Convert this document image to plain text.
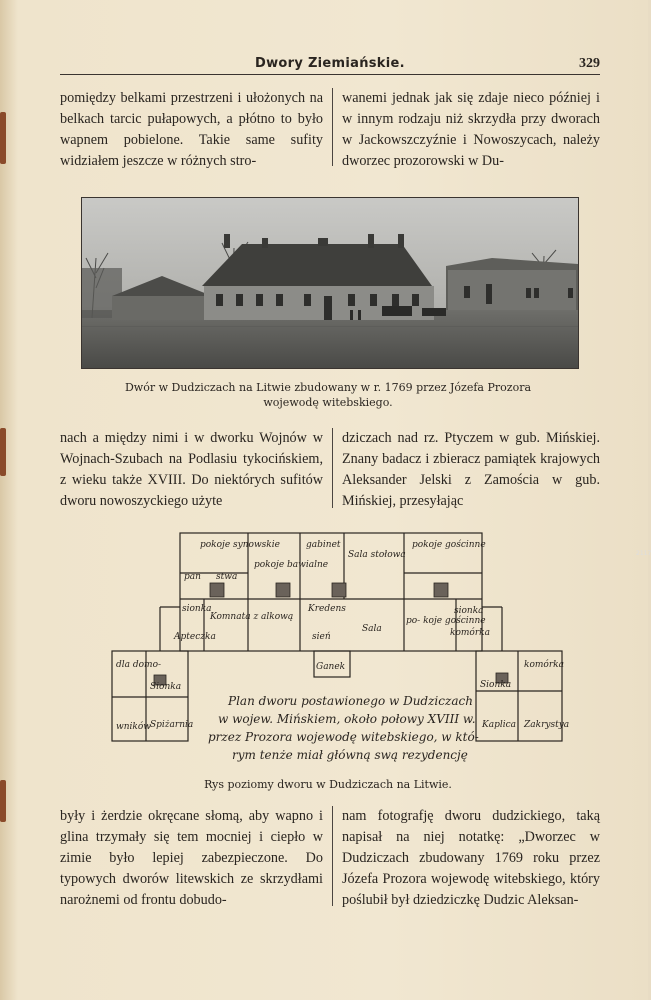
Dwory Ziemiańskie.	329
pomiędzy belkami przestrzeni i ułożonych na belkach tarcic pułapowych, a płótno to było wapnem pobielone. Takie same sufity widziałem jeszcze w różnych stro-
wanemi jednak jak się zdaje nieco później i w innym rodzaju niż skrzydła przy dworach w Jackowszczyźnie i Nowoszycach, należy dworzec prozorowski w Du-
2117
Dwór w Dudziczach na Litwie zbudowany w r. 1769 przez Józefa Prozora
wojewodę witebskiego.
nach a między nimi i w dworku Wojnów w Wojnach-Szubach na Podlasiu tykocińskiem, z wieku także XVIII. Do niektórych sufitów dworu nowoszyckiego użyte
dziczach nad rz. Ptyczem w gub. Mińskiej. Znany badacz i zbieracz pamiątek krajowych Aleksander Jelski z Zamościa w gub. Mińskiej, przesyłając
pokoje synowskie
pan stwa
gabinet
Sala stołowa
pokoje gościnne
pokoje bawialne
Kredens
sionka
Apteczka
Komnata z alkową
sień
Sala
po- koje gościnne
sionka
komórka
Ganek
dla domo-
wników
Sionka
Spiżarnia
Sionka
Kaplica Zakrystya
komórka
Plan dworu postawionego w Dudziczach
w wojew. Mińskiem, około połowy XVIII w.
przez Prozora wojewodę witebskiego, w któ-
rym tenże miał główną swą rezydencję
Rys poziomy dworu w Dudziczach na Litwie.
były i żerdzie okręcane słomą, aby wapno i glina trzymały się tem mocniej i ciepło w zimie było lepiej zabezpieczone. Do typowych dworów litewskich ze skrzydłami narożnemi od frontu dobudo-
nam fotografję dworu dudzickiego, taką napisał na niej notatkę: „Dworzec w Dudziczach zbudowany 1769 roku przez Józefa Prozora wojewodę witebskiego, który poślubił był dziedziczkę Dudzic Aleksan-
